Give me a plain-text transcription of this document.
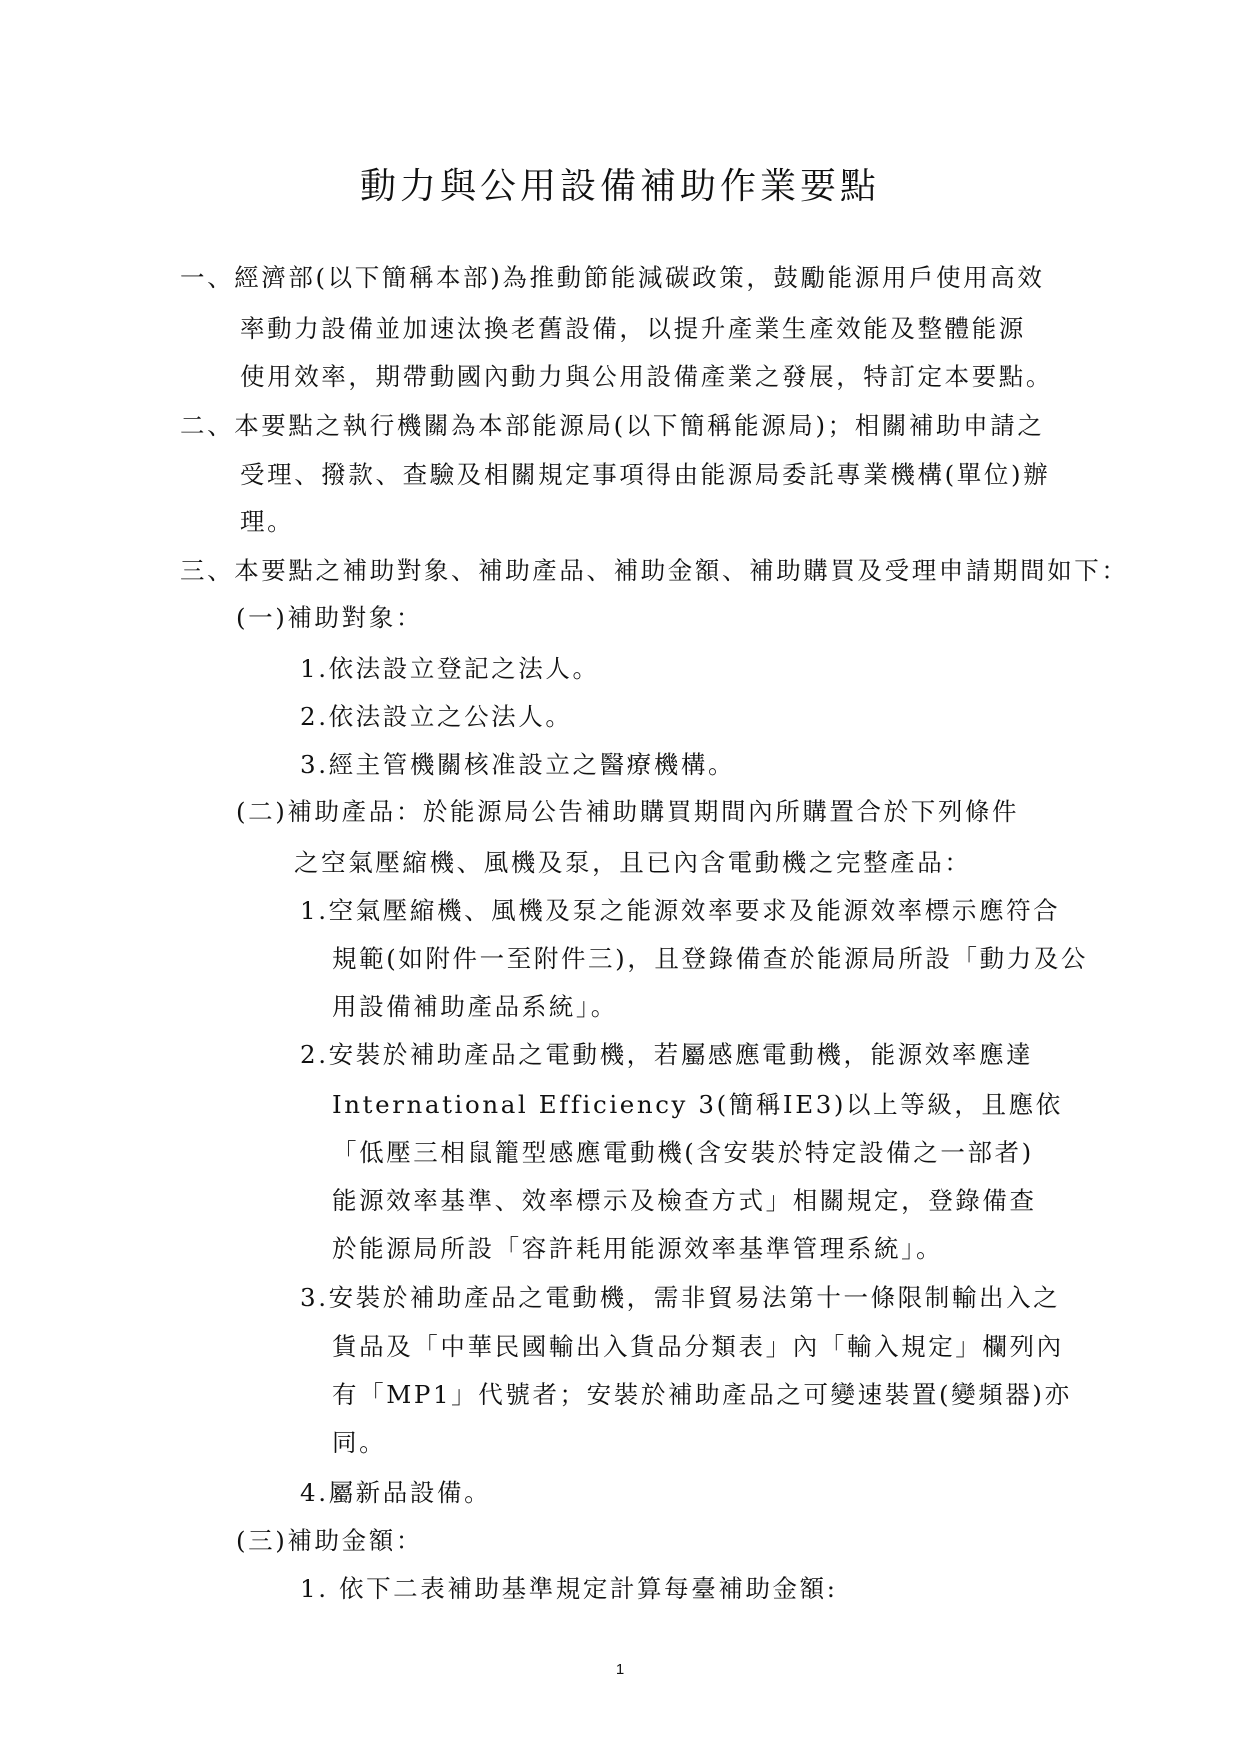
動力與公用設備補助作業要點
一、經濟部(以下簡稱本部)為推動節能減碳政策，鼓勵能源用戶使用高效
率動力設備並加速汰換老舊設備，以提升產業生產效能及整體能源
使用效率，期帶動國內動力與公用設備產業之發展，特訂定本要點。
二、本要點之執行機關為本部能源局(以下簡稱能源局)；相關補助申請之
受理、撥款、查驗及相關規定事項得由能源局委託專業機構(單位)辦
理。
三、本要點之補助對象、補助產品、補助金額、補助購買及受理申請期間如下：
(一)補助對象：
1.依法設立登記之法人。
2.依法設立之公法人。
3.經主管機關核准設立之醫療機構。
(二)補助產品：於能源局公告補助購買期間內所購置合於下列條件
之空氣壓縮機、風機及泵，且已內含電動機之完整產品：
1.空氣壓縮機、風機及泵之能源效率要求及能源效率標示應符合
規範(如附件一至附件三)，且登錄備查於能源局所設「動力及公
用設備補助產品系統」。
2.安裝於補助產品之電動機，若屬感應電動機，能源效率應達
International Efficiency 3(簡稱IE3)以上等級，且應依
「低壓三相鼠籠型感應電動機(含安裝於特定設備之一部者)
能源效率基準、效率標示及檢查方式」相關規定，登錄備查
於能源局所設「容許耗用能源效率基準管理系統」。
3.安裝於補助產品之電動機，需非貿易法第十一條限制輸出入之
貨品及「中華民國輸出入貨品分類表」內「輸入規定」欄列內
有「MP1」代號者；安裝於補助產品之可變速裝置(變頻器)亦
同。
4.屬新品設備。
(三)補助金額：
1. 依下二表補助基準規定計算每臺補助金額:
1
